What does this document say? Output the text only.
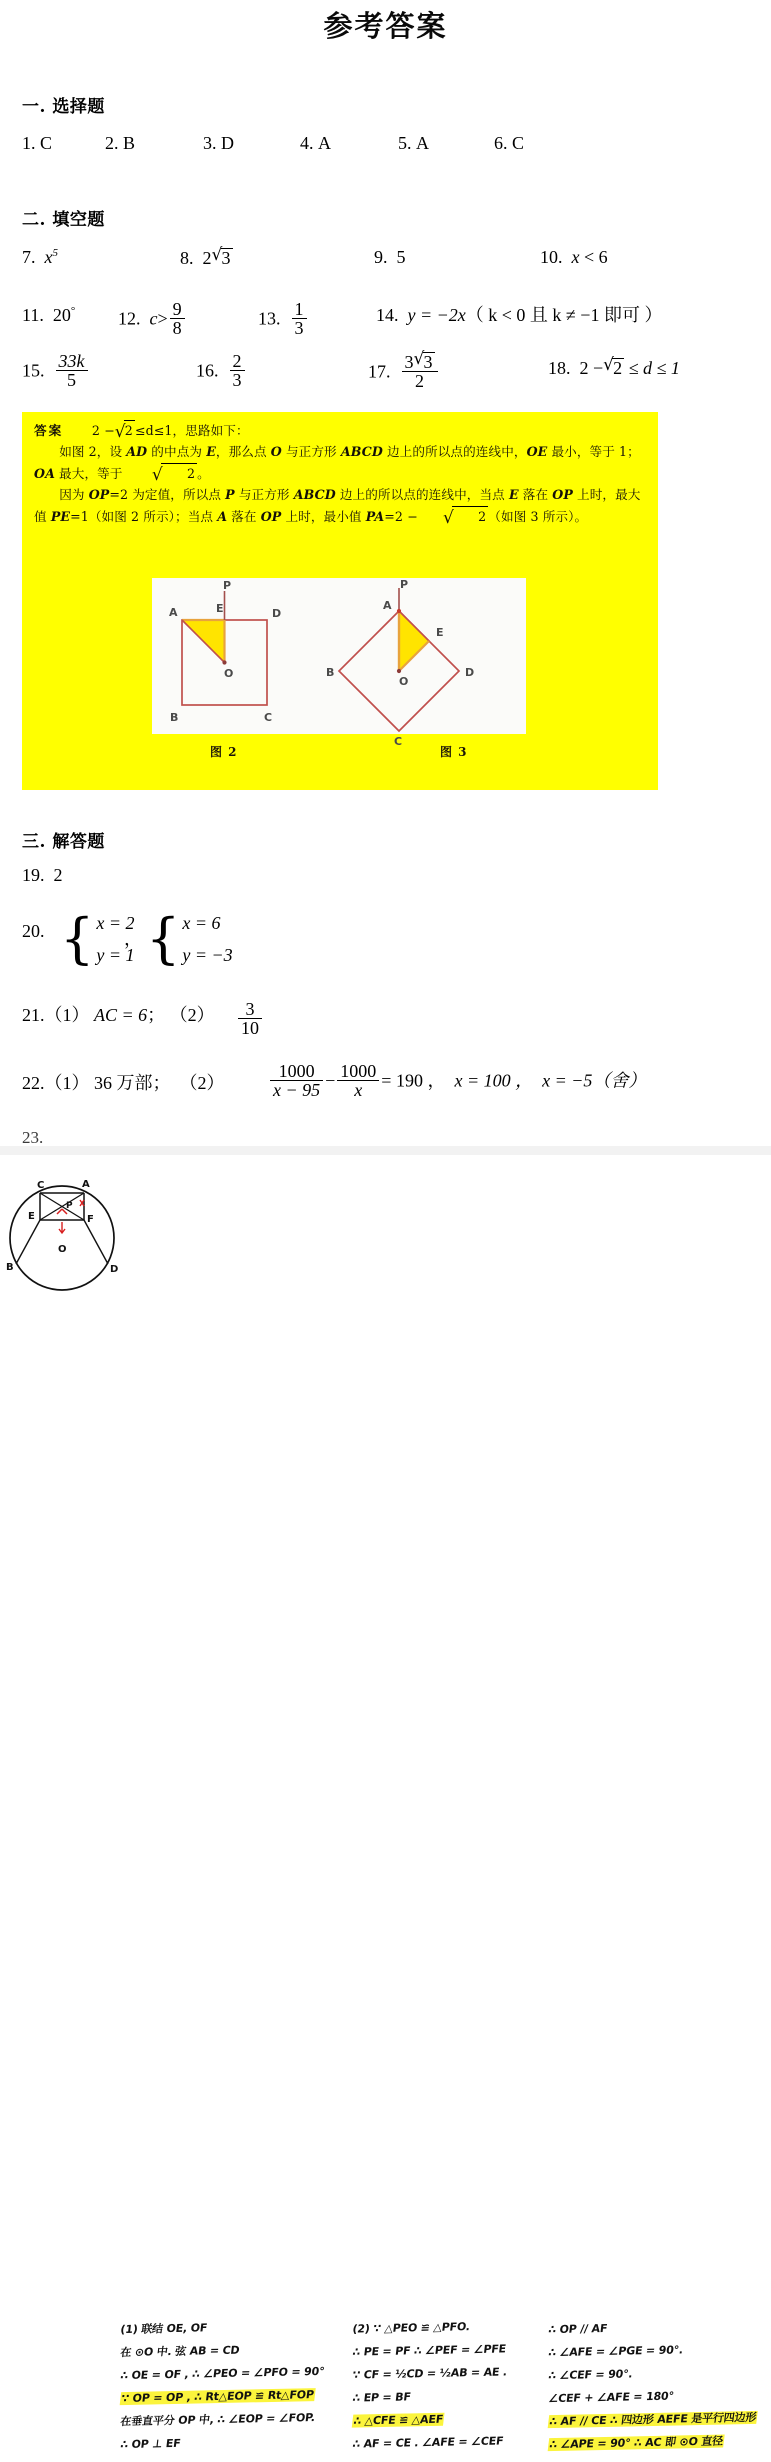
参考答案
一. 选择题
1. C	2. B	3. D	4. A	5. A	6. C
二. 填空题
7. $x^5$	8. 2 √ 3	9. 5	10. x < 6
11. 20° 12. $c> \frac{9}{8}$	13. $\frac{1}{3}$	14. y = −2x（ k < 0 且 k ≠ −1 即可 ）
15. $\frac{33k}{5}$	16. $\frac{2}{3}$	17. $\frac{3 √ 3}{2}$	18. 2 − √ 2 ≤ d ≤ 1

答案 2 − √ 2 ≤d≤1，思路如下：

如图 2，设 AD 的中点为 E，那么点 O 与正方形 ABCD 边上的所以点的连线中，OE 最小，等于 1；OA 最大，等于	√ 2 。

因为 OP=2 为定值，所以点 P 与正方形 ABCD 边上的所以点的连线中，当点 E 落在 OP 上时，最大值 PE=1（如图 2 所示）；当点 A 落在 OP 上时，最小值 PA=2 −	√ 2 （如图 3 所示）。

A	D
B	C
E
O
P
A
B
C
D
E
O
P
图 2	图 3
三. 解答题
19. 2
20. { x = 2
y = 1
， { x = 6
y = −3
21.（1） AC = 6； $(2) \frac{3}{10}$
22.（1） 36 万部； （2）	$\frac{1000}{x - 95} - \frac{1000}{x} = 190$ ， x = 100 ， x = −5（舍）
23.
C	A
E	F
P
B	D
O
(1) 联结 OE, OF
在 ⊙O 中. 弦 AB = CD
∴ OE = OF , ∴ ∠PEO = ∠PFO = 90°
∵ OP = OP , ∴ Rt△EOP ≌ Rt△FOP
在垂直平分 OP 中, ∴ ∠EOP = ∠FOP.
∴ OP ⊥ EF
(2) ∵ △PEO ≌ △PFO.
∴ PE = PF ∴ ∠PEF = ∠PFE
∵ CF = ½CD = ½AB = AE .
∴ EP = BF
∴ △CFE ≌ △AEF
∴ AF = CE . ∠AFE = ∠CEF
∴ OP // AF
∴ ∠AFE = ∠PGE = 90°.
∴ ∠CEF = 90°.
∠CEF + ∠AFE = 180°
∴ AF // CE ∴ 四边形 AEFE 是平行四边形
∴ ∠APE = 90° ∴ AC 即 ⊙O 直径
